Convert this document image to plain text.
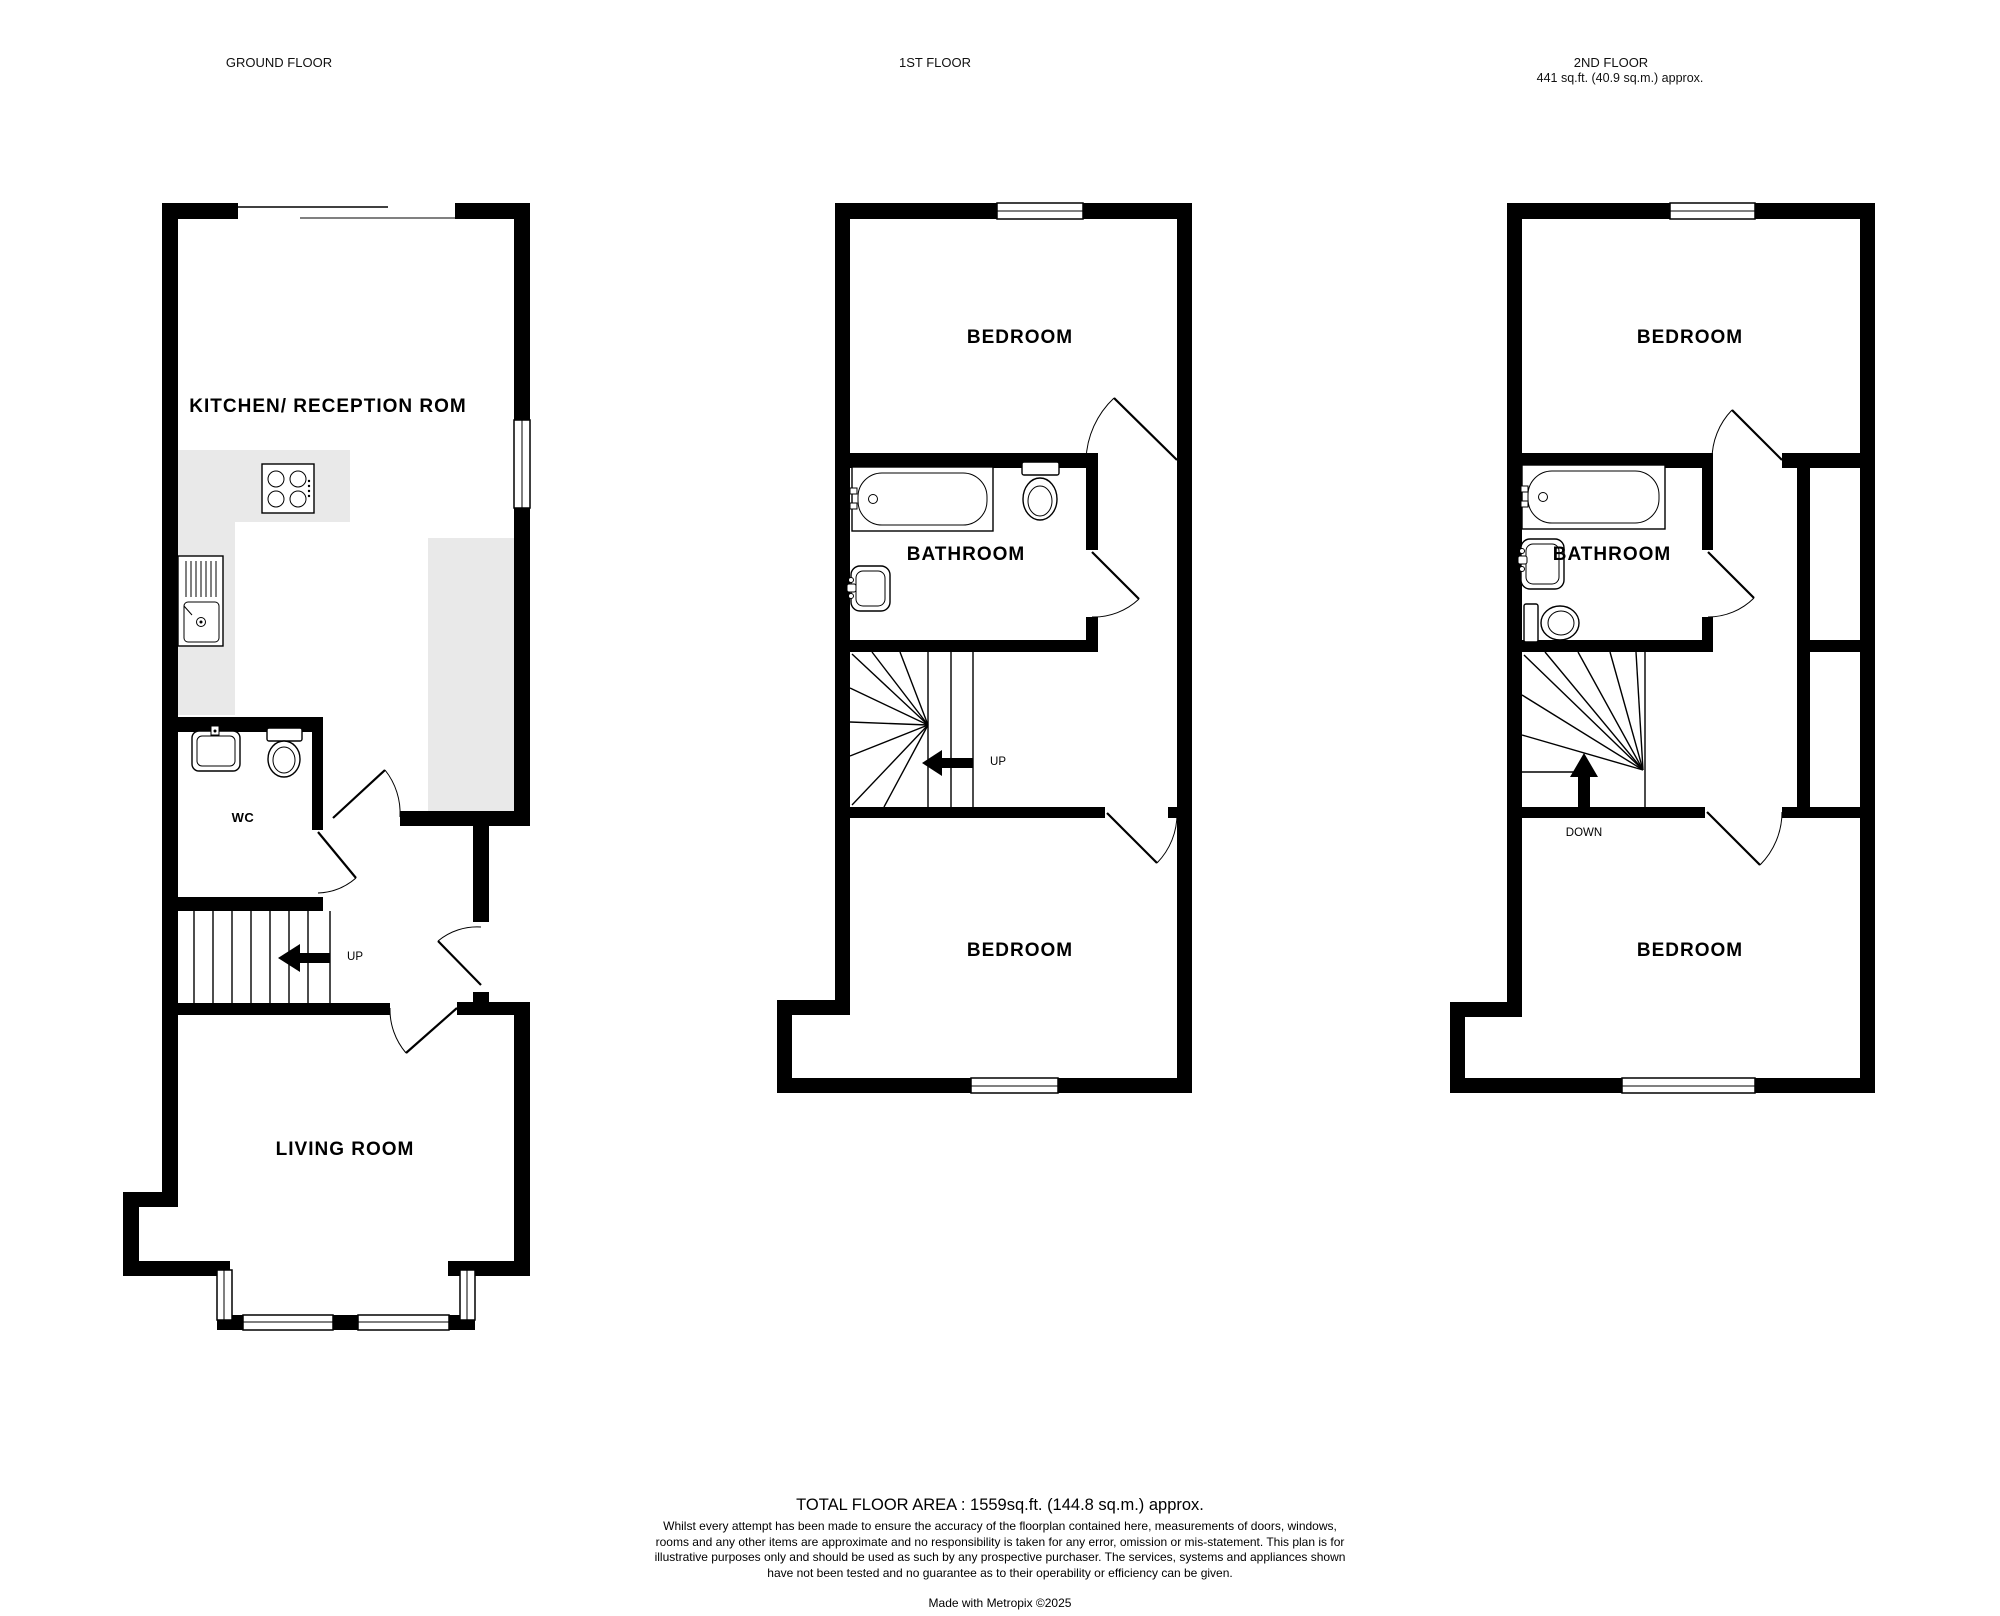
GROUND FLOOR	1ST FLOOR	2ND FLOOR
441 sq.ft. (40.9 sq.m.) approx.
KITCHEN/ RECEPTION ROM
WC
LIVING ROOM
UP
BEDROOM
BATHROOM
BEDROOM
UP
BEDROOM
BATHROOM
BEDROOM
DOWN
TOTAL FLOOR AREA : 1559sq.ft. (144.8 sq.m.) approx.
Whilst every attempt has been made to ensure the accuracy of the floorplan contained here, measurements of doors, windows, rooms and any other items are approximate and no responsibility is taken for any error, omission or mis-statement. This plan is for illustrative purposes only and should be used as such by any prospective purchaser. The services, systems and appliances shown have not been tested and no guarantee as to their operability or efficiency can be given.
Made with Metropix ©2025
